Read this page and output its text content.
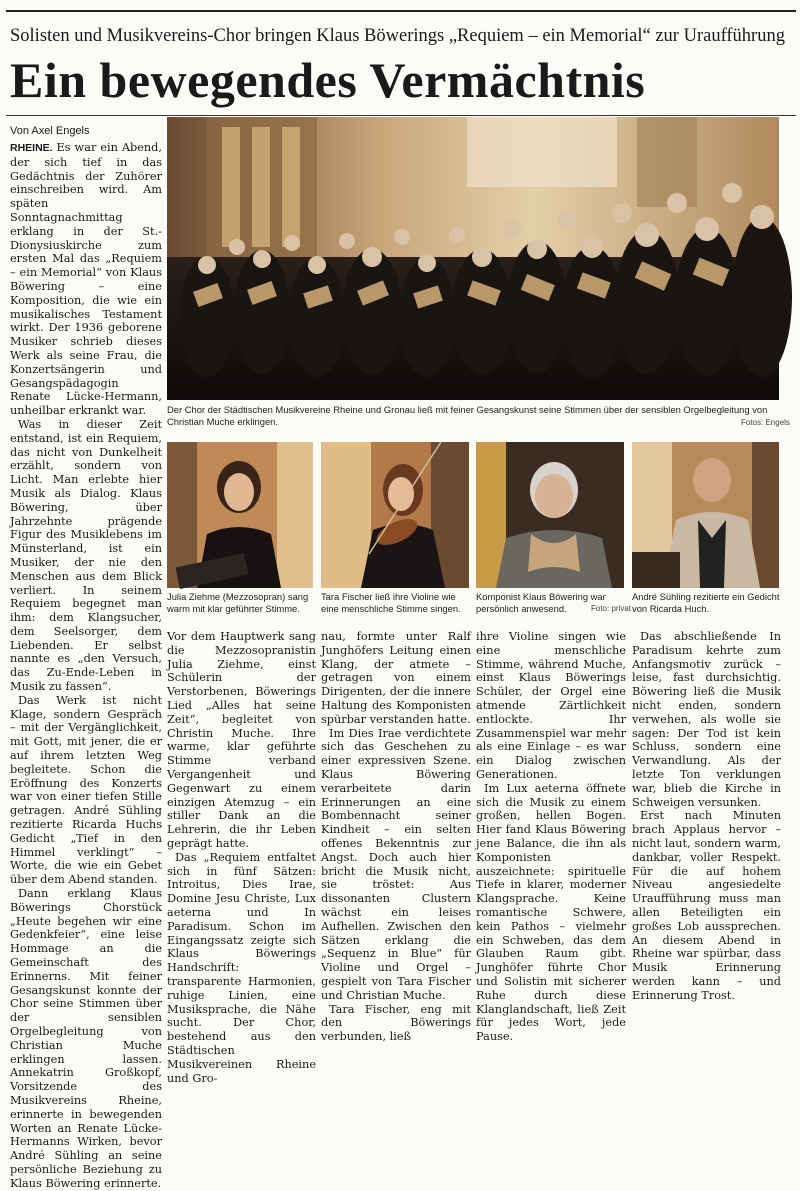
Solisten und Musikvereins-Chor bringen Klaus Böwerings „Requiem – ein Memorial“ zur Uraufführung
Ein bewegendes Vermächtnis
Von Axel Engels

RHEINE. Es war ein Abend, der sich tief in das Gedächtnis der Zuhörer einschreiben wird. Am späten Sonntagnachmittag erklang in der St.-Dionysiuskirche zum ersten Mal das „Requiem – ein Memorial“ von Klaus Böwering – eine Komposition, die wie ein musikalisches Testament wirkt. Der 1936 geborene Musiker schrieb dieses Werk als seine Frau, die Konzertsängerin und Gesangspädagogin Renate Lücke-Hermann, unheilbar erkrankt war.

Was in dieser Zeit entstand, ist ein Requiem, das nicht von Dunkelheit erzählt, sondern von Licht. Man erlebte hier Musik als Dialog. Klaus Böwering, über Jahrzehnte prägende Figur des Musiklebens im Münsterland, ist ein Musiker, der nie den Menschen aus dem Blick verliert. In seinem Requiem begegnet man ihm: dem Klangsucher, dem Seelsorger, dem Liebenden. Er selbst nannte es „den Versuch, das Zu-Ende-Leben in Musik zu fassen“.

Das Werk ist nicht Klage, sondern Gespräch – mit der Vergänglichkeit, mit Gott, mit jener, die er auf ihrem letzten Weg begleitete. Schon die Eröffnung des Konzerts war von einer tiefen Stille getragen. André Sühling rezitierte Ricarda Huchs Gedicht „Tief in den Himmel verklingt“ – Worte, die wie ein Gebet über dem Abend standen.

Dann erklang Klaus Böwerings Chorstück „Heute begehen wir eine Gedenkfeier“, eine leise Hommage an die Gemeinschaft des Erinnerns. Mit feiner Gesangskunst konnte der Chor seine Stimmen über der sensiblen Orgelbegleitung von Christian Muche erklingen lassen. Annekatrin Großkopf, Vorsitzende des Musikvereins Rheine, erinnerte in bewegenden Worten an Renate Lücke-Hermanns Wirken, bevor André Sühling an seine persönliche Beziehung zu Klaus Böwering erinnerte.

Der Chor der Städtischen Musikvereine Rheine und Gronau ließ mit feiner Gesangskunst seine Stimmen über der sensiblen Orgelbegleitung von Christian Muche erklingen.	Fotos: Engels
Julia Ziehme (Mezzosopran) sang warm mit klar geführter Stimme.
Tara Fischer ließ ihre Violine wie eine menschliche Stimme singen.
Komponist Klaus Böwering war persönlich anwesend.	Foto: privat
André Sühling rezitierte ein Gedicht von Ricarda Huch.

Vor dem Hauptwerk sang die Mezzosopranistin Julia Ziehme, einst Schülerin der Verstorbenen, Böwerings Lied „Alles hat seine Zeit“, begleitet von Christin Muche. Ihre warme, klar geführte Stimme verband Vergangenheit und Gegenwart zu einem einzigen Atemzug – ein stiller Dank an die Lehrerin, die ihr Leben geprägt hatte.

Das „Requiem entfaltet sich in fünf Sätzen: Introitus, Dies Irae, Domine Jesu Christe, Lux aeterna und In Paradisum. Schon im Eingangssatz zeigte sich Klaus Böwerings Handschrift: transparente Harmonien, ruhige Linien, eine Musiksprache, die Nähe sucht. Der Chor, bestehend aus den Städtischen Musikvereinen Rheine und Gro-

nau, formte unter Ralf Junghöfers Leitung einen Klang, der atmete – getragen von einem Dirigenten, der die innere Haltung des Komponisten spürbar verstanden hatte.

Im Dies Irae verdichtete sich das Geschehen zu einer expressiven Szene. Klaus Böwering verarbeitete darin Erinnerungen an eine Bombennacht seiner Kindheit – ein selten offenes Bekenntnis zur Angst. Doch auch hier bricht die Musik nicht, sie tröstet: Aus dissonanten Clustern wächst ein leises Aufhellen. Zwischen den Sätzen erklang die „Sequenz in Blue“ für Violine und Orgel – gespielt von Tara Fischer und Christian Muche.

Tara Fischer, eng mit den Böwerings verbunden, ließ

ihre Violine singen wie eine menschliche Stimme, während Muche, einst Klaus Böwerings Schüler, der Orgel eine atmende Zärtlichkeit entlockte. Ihr Zusammenspiel war mehr als eine Einlage – es war ein Dialog zwischen Generationen.

Im Lux aeterna öffnete sich die Musik zu einem großen, hellen Bogen. Hier fand Klaus Böwering jene Balance, die ihn als Komponisten auszeichnete: spirituelle Tiefe in klarer, moderner Klangsprache. Keine romantische Schwere, kein Pathos – vielmehr ein Schweben, das dem Glauben Raum gibt. Junghöfer führte Chor und Solistin mit sicherer Ruhe durch diese Klanglandschaft, ließ Zeit für jedes Wort, jede Pause.

Das abschließende In Paradisum kehrte zum Anfangsmotiv zurück – leise, fast durchsichtig. Böwering ließ die Musik nicht enden, sondern verwehen, als wolle sie sagen: Der Tod ist kein Schluss, sondern eine Verwandlung. Als der letzte Ton verklungen war, blieb die Kirche in Schweigen versunken.

Erst nach Minuten brach Applaus hervor – nicht laut, sondern warm, dankbar, voller Respekt. Für die auf hohem Niveau angesiedelte Uraufführung muss man allen Beteiligten ein großes Lob aussprechen. An diesem Abend in Rheine war spürbar, dass Musik Erinnerung werden kann – und Erinnerung Trost.
